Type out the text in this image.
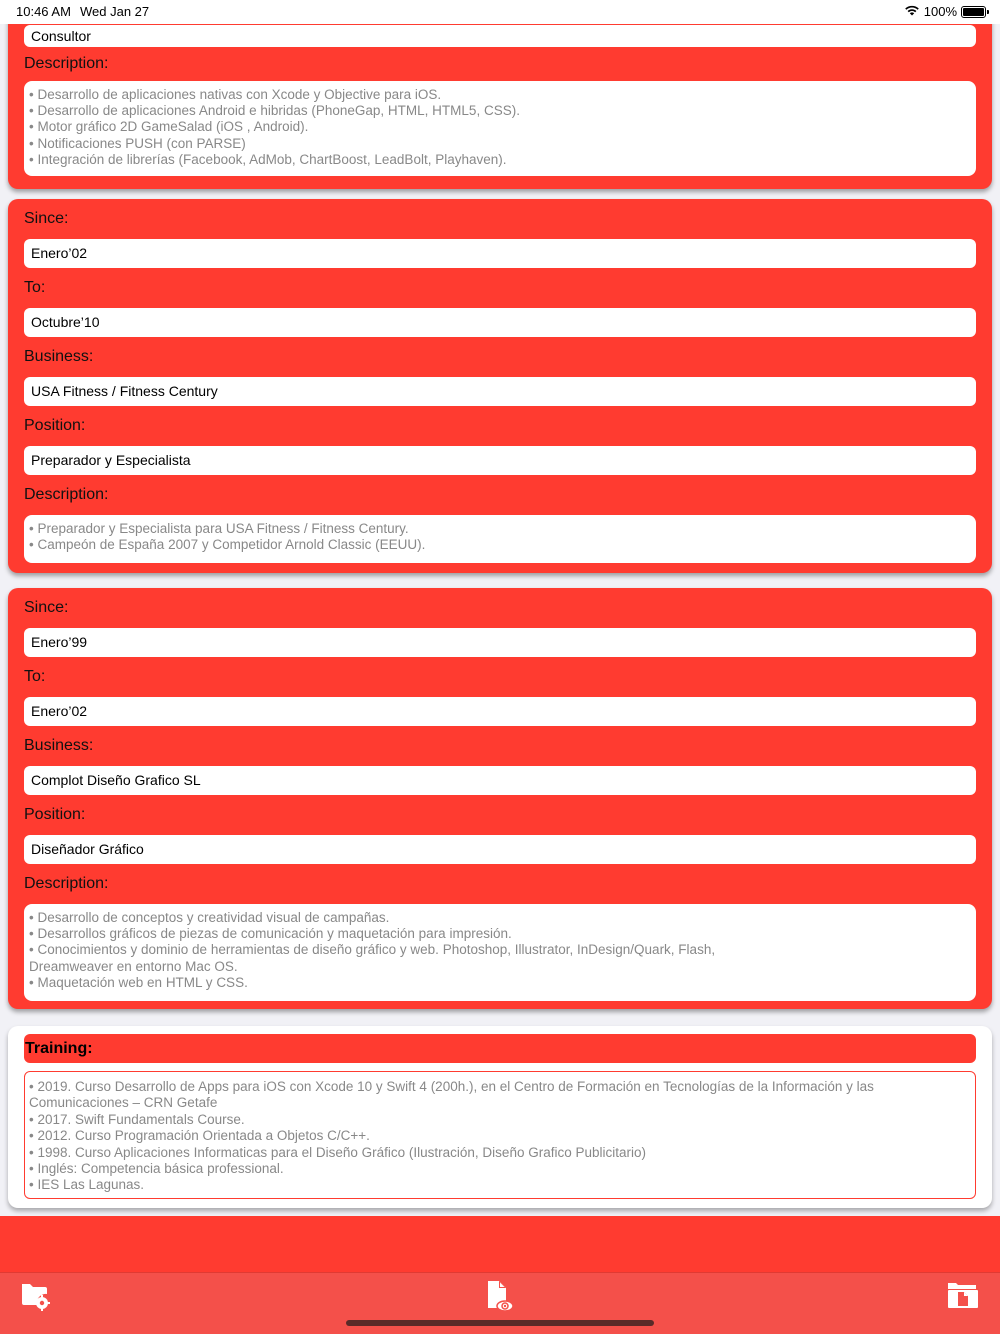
Consultor
Description:
• Desarrollo de aplicaciones nativas con Xcode y Objective para iOS.
• Desarrollo de aplicaciones Android e hibridas (PhoneGap, HTML, HTML5, CSS).
• Motor gráfico 2D GameSalad (iOS , Android).
• Notificaciones PUSH (con PARSE)
• Integración de librerías (Facebook, AdMob, ChartBoost, LeadBolt, Playhaven).
Since:
Enero’02
To:
Octubre’10
Business:
USA Fitness / Fitness Century
Position:
Preparador y Especialista
Description:
• Preparador y Especialista para USA Fitness / Fitness Century.
• Campeón de España 2007 y Competidor Arnold Classic (EEUU).
Since:
Enero’99
To:
Enero’02
Business:
Complot Diseño Grafico SL
Position:
Diseñador Gráfico
Description:
• Desarrollo de conceptos y creatividad visual de campañas.
• Desarrollos gráficos de piezas de comunicación y maquetación para impresión.
• Conocimientos y dominio de herramientas de diseño gráfico y web. Photoshop, Illustrator, InDesign/Quark, Flash,
Dreamweaver en entorno Mac OS.
• Maquetación web en HTML y CSS.
Training:
• 2019. Curso Desarrollo de Apps para iOS con Xcode 10 y Swift 4 (200h.), en el Centro de Formación en Tecnologías de la Información y las
Comunicaciones – CRN Getafe
• 2017. Swift Fundamentals Course.
• 2012. Curso Programación Orientada a Objetos C/C++.
• 1998. Curso Aplicaciones Informaticas para el Diseño Gráfico (Ilustración, Diseño Grafico Publicitario)
• Inglés: Competencia básica professional.
• IES Las Lagunas.
10:46 AM Wed Jan 27	100%
